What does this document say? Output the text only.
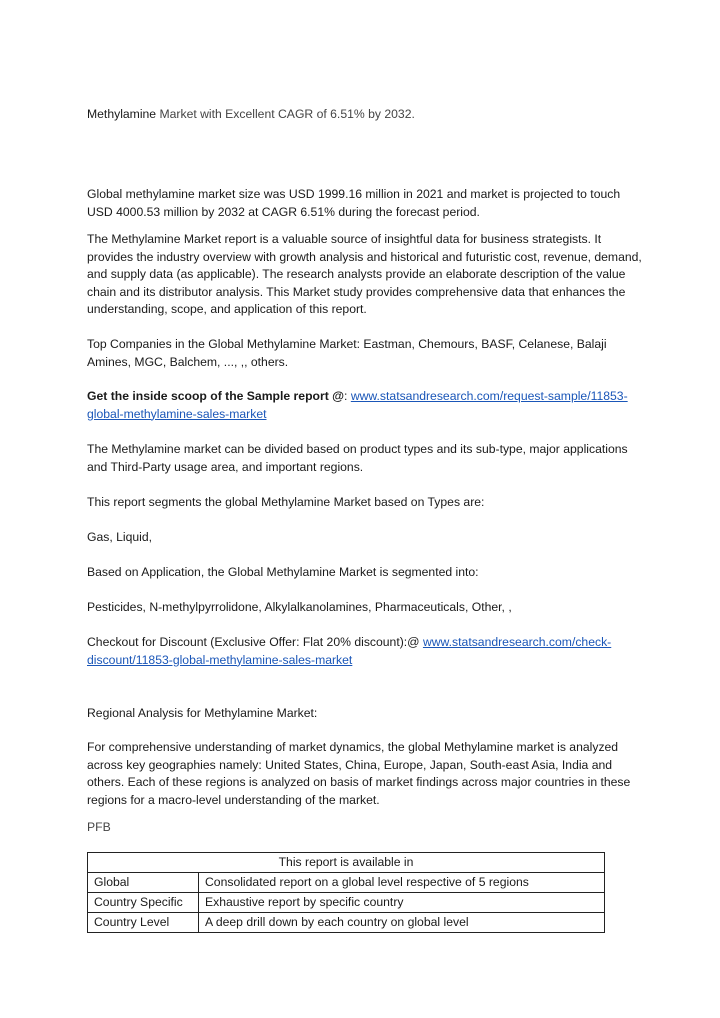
Methylamine Market with Excellent CAGR of 6.51% by 2032.
Global methylamine market size was USD 1999.16 million in 2021 and market is projected to touch USD 4000.53 million by 2032 at CAGR 6.51% during the forecast period.
The Methylamine Market report is a valuable source of insightful data for business strategists. It provides the industry overview with growth analysis and historical and futuristic cost, revenue, demand, and supply data (as applicable). The research analysts provide an elaborate description of the value chain and its distributor analysis. This Market study provides comprehensive data that enhances the understanding, scope, and application of this report.
Top Companies in the Global Methylamine Market: Eastman, Chemours, BASF, Celanese, Balaji Amines, MGC, Balchem, ..., ,, others.
Get the inside scoop of the Sample report @: www.statsandresearch.com/request-sample/11853-global-methylamine-sales-market
The Methylamine market can be divided based on product types and its sub-type, major applications and Third-Party usage area, and important regions.
This report segments the global Methylamine Market based on Types are:
Gas, Liquid,
Based on Application, the Global Methylamine Market is segmented into:
Pesticides, N-methylpyrrolidone, Alkylalkanolamines, Pharmaceuticals, Other, ,
Checkout for Discount (Exclusive Offer: Flat 20% discount):@ www.statsandresearch.com/check-discount/11853-global-methylamine-sales-market
Regional Analysis for Methylamine Market:
For comprehensive understanding of market dynamics, the global Methylamine market is analyzed across key geographies namely: United States, China, Europe, Japan, South-east Asia, India and others. Each of these regions is analyzed on basis of market findings across major countries in these regions for a macro-level understanding of the market.
PFB
This report is available in	
Global	Consolidated report on a global level respective of 5 regions
Country Specific	Exhaustive report by specific country
Country Level	A deep drill down by each country on global level
